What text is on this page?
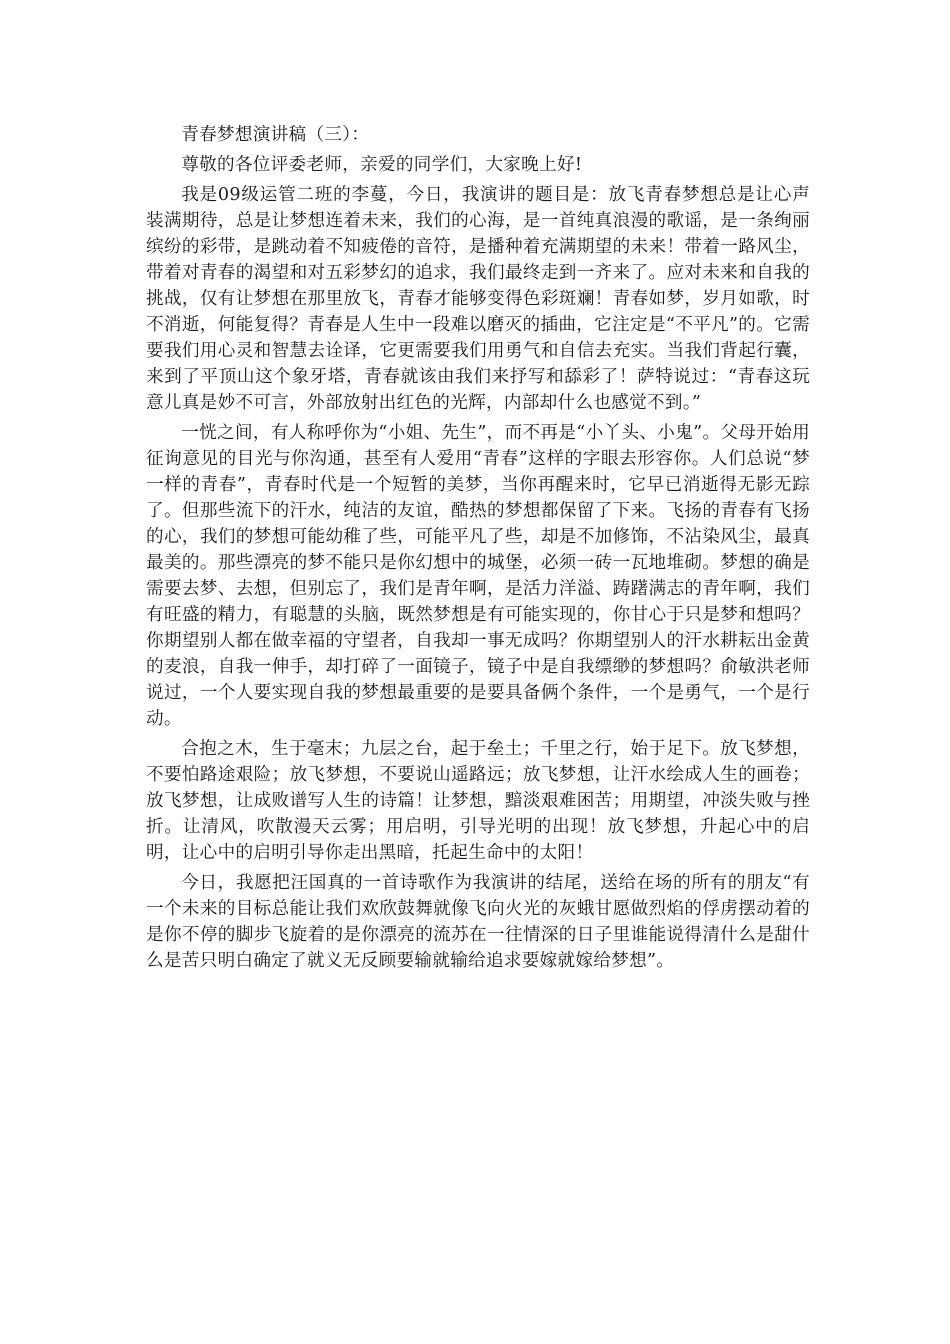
青春梦想演讲稿（三）：

尊敬的各位评委老师，亲爱的同学们，大家晚上好!

我是09级运管二班的李蔓，今日，我演讲的题目是：放飞青春梦想总是让心声装满期待，总是让梦想连着未来，我们的心海，是一首纯真浪漫的歌谣，是一条绚丽缤纷的彩带，是跳动着不知疲倦的音符，是播种着充满期望的未来！带着一路风尘，带着对青春的渴望和对五彩梦幻的追求，我们最终走到一齐来了。应对未来和自我的挑战，仅有让梦想在那里放飞，青春才能够变得色彩斑斓！青春如梦，岁月如歌，时不消逝，何能复得？青春是人生中一段难以磨灭的插曲，它注定是“不平凡”的。它需要我们用心灵和智慧去诠译，它更需要我们用勇气和自信去充实。当我们背起行囊，来到了平顶山这个象牙塔，青春就该由我们来抒写和舔彩了！萨特说过：“青春这玩意儿真是妙不可言，外部放射出红色的光辉，内部却什么也感觉不到。”

一恍之间，有人称呼你为“小姐、先生”，而不再是“小丫头、小鬼”。父母开始用征询意见的目光与你沟通，甚至有人爱用“青春”这样的字眼去形容你。人们总说“梦一样的青春”，青春时代是一个短暂的美梦，当你再醒来时，它早已消逝得无影无踪了。但那些流下的汗水，纯洁的友谊，酷热的梦想都保留了下来。飞扬的青春有飞扬的心，我们的梦想可能幼稚了些，可能平凡了些，却是不加修饰，不沾染风尘，最真最美的。那些漂亮的梦不能只是你幻想中的城堡，必须一砖一瓦地堆砌。梦想的确是需要去梦、去想，但别忘了，我们是青年啊，是活力洋溢、踌躇满志的青年啊，我们有旺盛的精力，有聪慧的头脑，既然梦想是有可能实现的，你甘心于只是梦和想吗？你期望别人都在做幸福的守望者，自我却一事无成吗？你期望别人的汗水耕耘出金黄的麦浪，自我一伸手，却打碎了一面镜子，镜子中是自我缥缈的梦想吗？俞敏洪老师说过，一个人要实现自我的梦想最重要的是要具备俩个条件，一个是勇气，一个是行动。

合抱之木，生于毫末；九层之台，起于垒土；千里之行，始于足下。放飞梦想，不要怕路途艰险；放飞梦想，不要说山遥路远；放飞梦想，让汗水绘成人生的画卷；放飞梦想，让成败谱写人生的诗篇！让梦想，黯淡艰难困苦；用期望，冲淡失败与挫折。让清风，吹散漫天云雾；用启明，引导光明的出现！放飞梦想，升起心中的启明，让心中的启明引导你走出黑暗，托起生命中的太阳！

今日，我愿把汪国真的一首诗歌作为我演讲的结尾，送给在场的所有的朋友“有一个未来的目标总能让我们欢欣鼓舞就像飞向火光的灰蛾甘愿做烈焰的俘虏摆动着的是你不停的脚步飞旋着的是你漂亮的流苏在一往情深的日子里谁能说得清什么是甜什么是苦只明白确定了就义无反顾要输就输给追求要嫁就嫁给梦想”。
